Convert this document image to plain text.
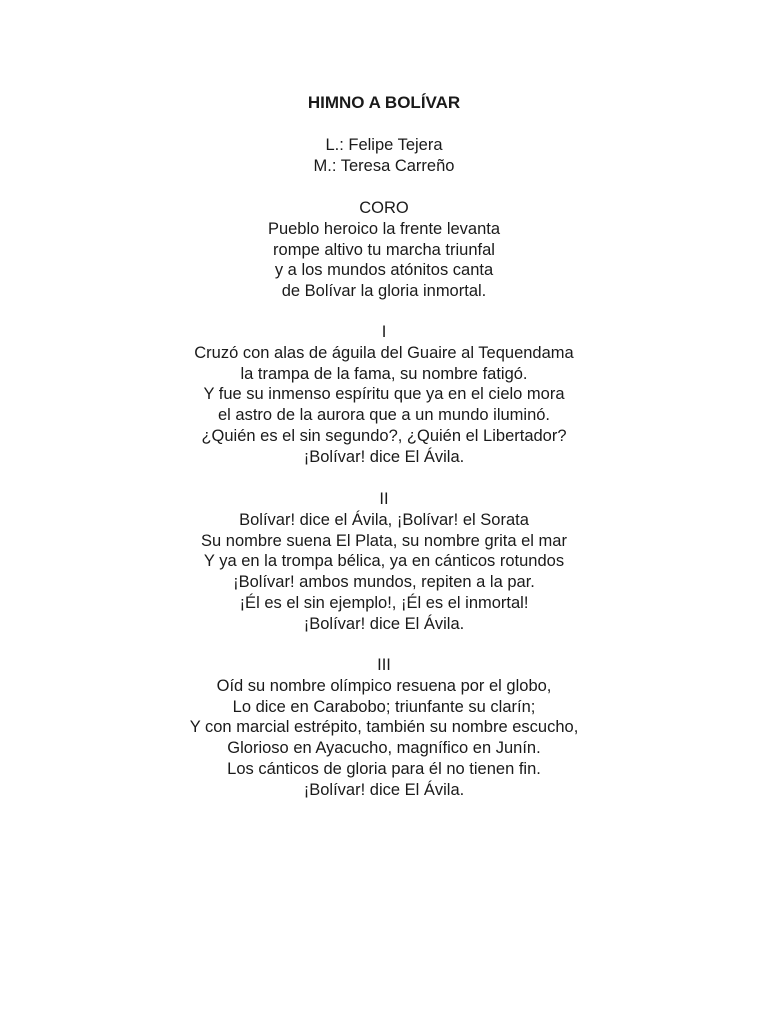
HIMNO A BOLÍVAR
L.: Felipe Tejera
M.: Teresa Carreño
CORO
Pueblo heroico la frente levanta
rompe altivo tu marcha triunfal
y a los mundos atónitos canta
de Bolívar la gloria inmortal.
I
Cruzó con alas de águila del Guaire al Tequendama
la trampa de la fama, su nombre fatigó.
Y fue su inmenso espíritu que ya en el cielo mora
el astro de la aurora que a un mundo iluminó.
¿Quién es el sin segundo?, ¿Quién el Libertador?
¡Bolívar! dice El Ávila.
II
Bolívar! dice el Ávila, ¡Bolívar! el Sorata
Su nombre suena El Plata, su nombre grita el mar
Y ya en la trompa bélica, ya en cánticos rotundos
¡Bolívar! ambos mundos, repiten a la par.
¡Él es el sin ejemplo!, ¡Él es el inmortal!
¡Bolívar! dice El Ávila.
III
Oíd su nombre olímpico resuena por el globo,
Lo dice en Carabobo; triunfante su clarín;
Y con marcial estrépito, también su nombre escucho,
Glorioso en Ayacucho, magnífico en Junín.
Los cánticos de gloria para él no tienen fin.
¡Bolívar! dice El Ávila.
